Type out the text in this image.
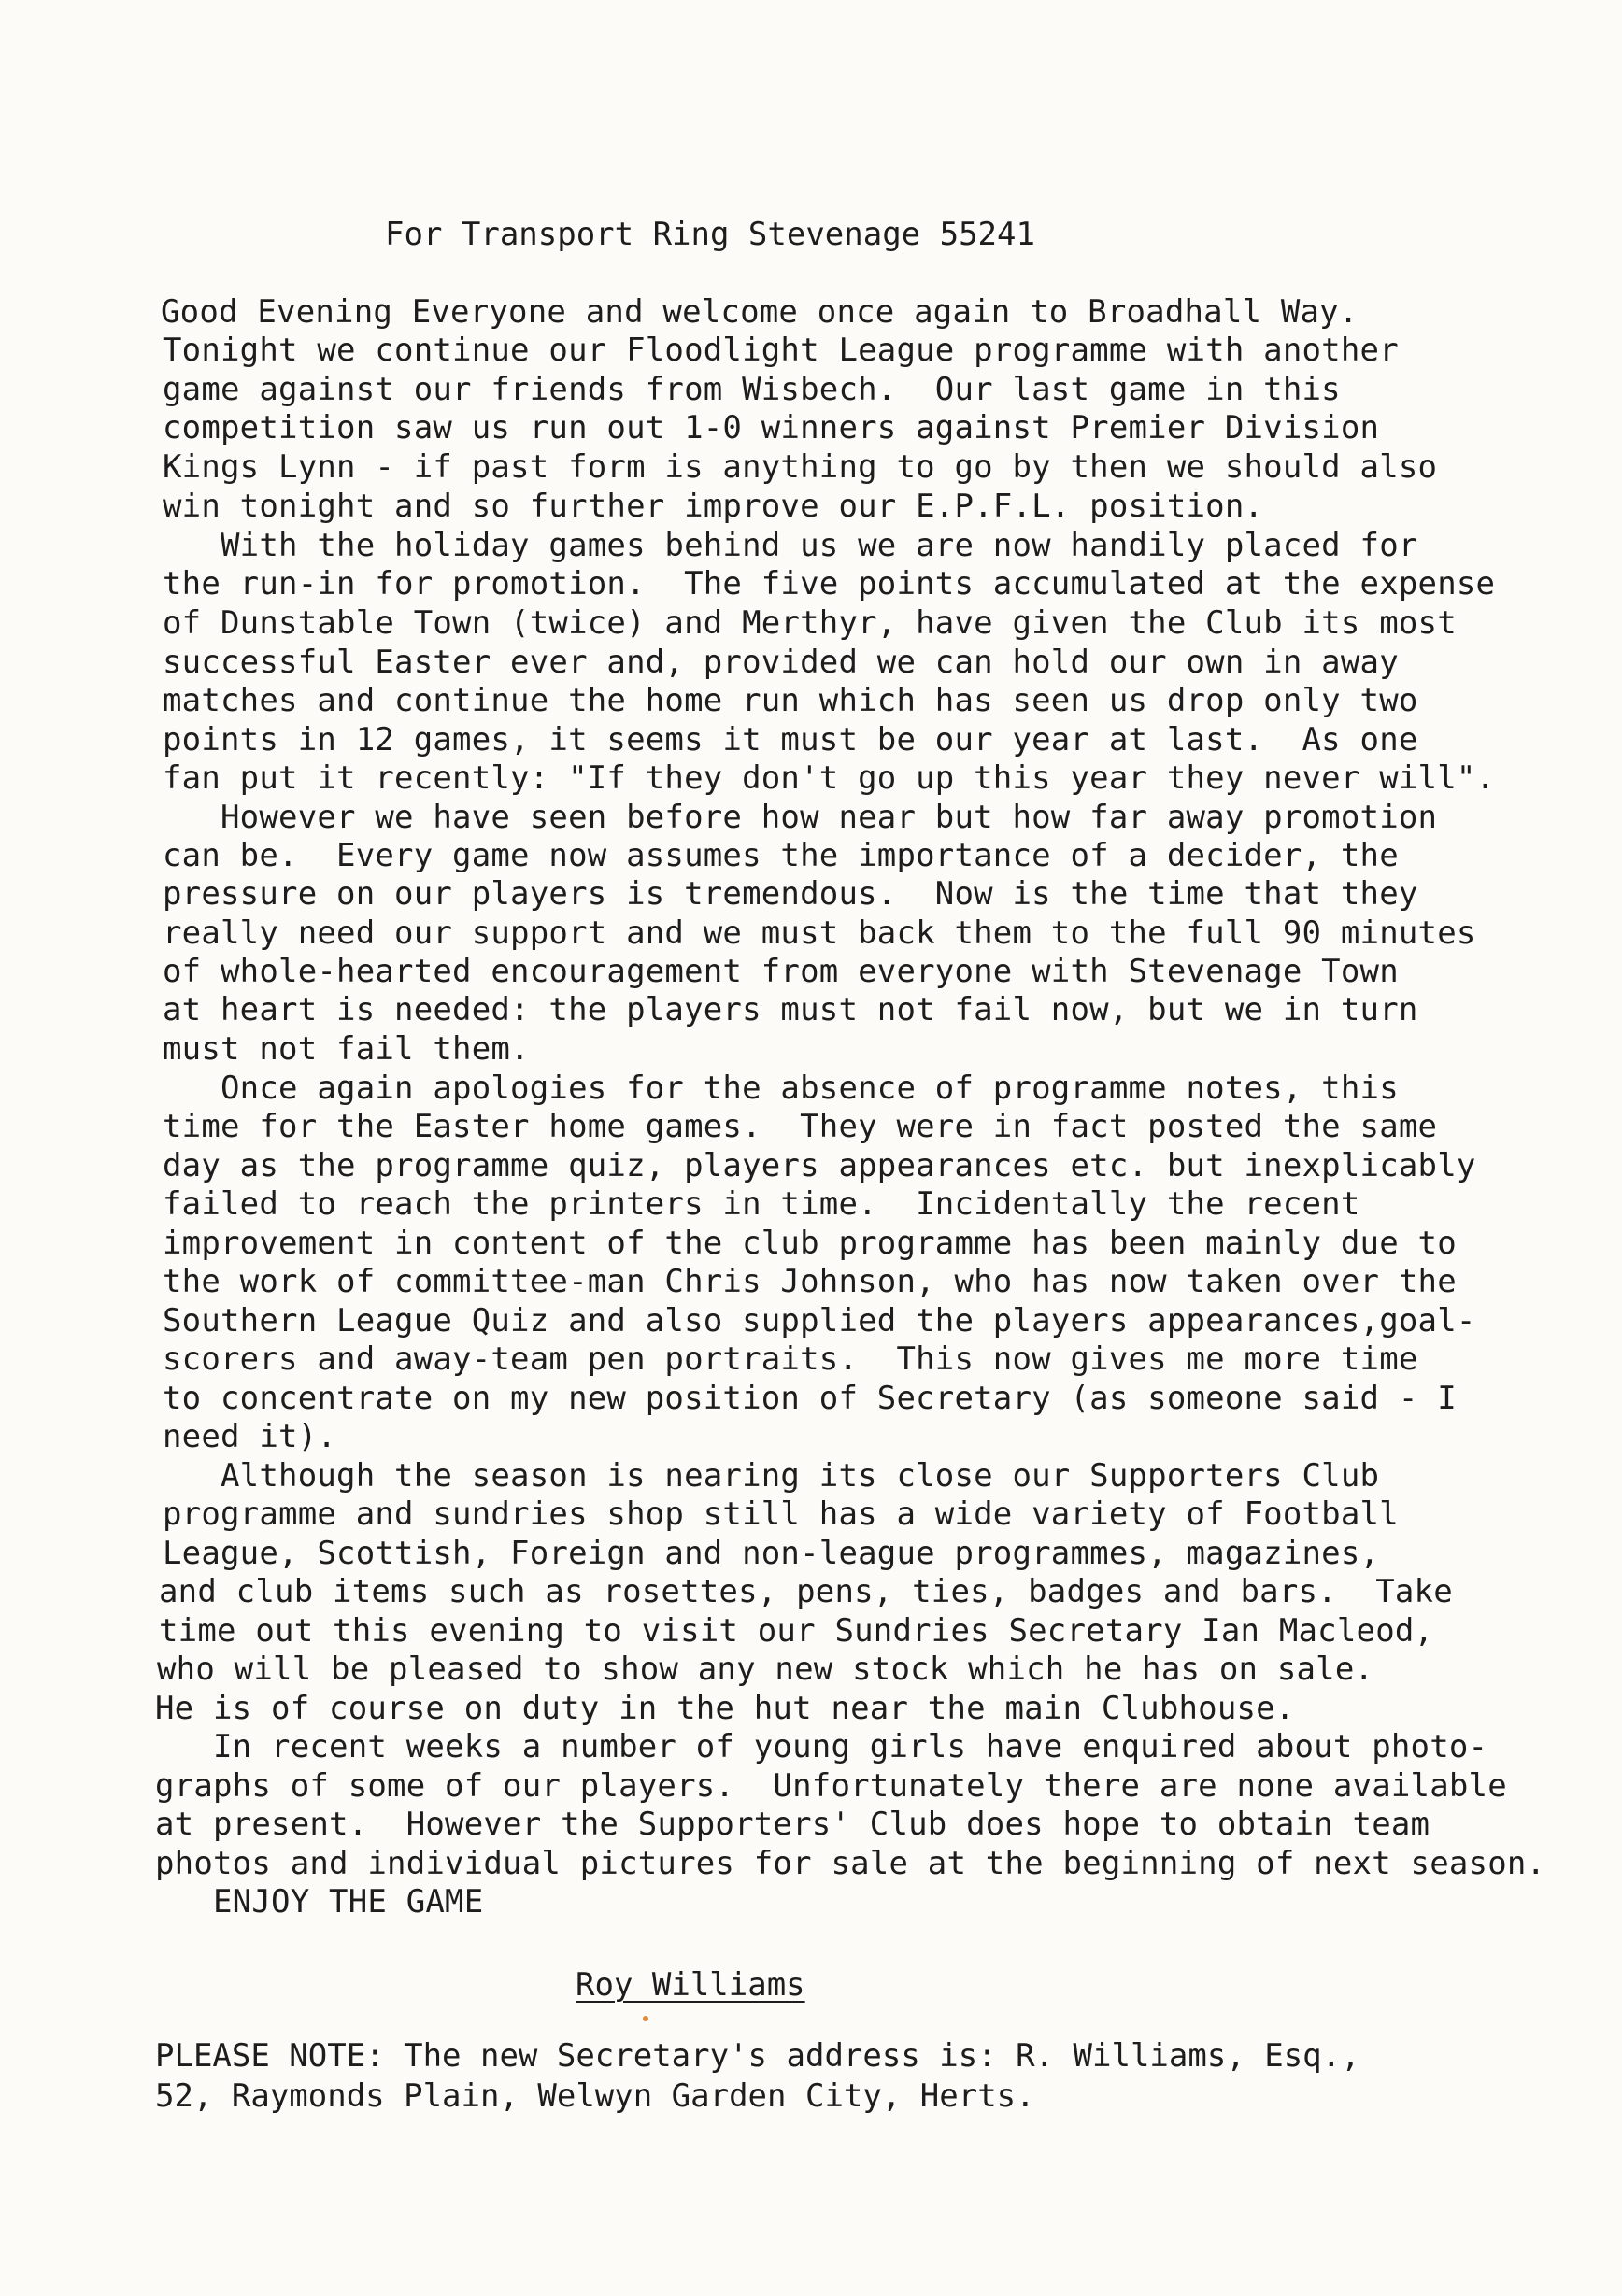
For Transport Ring Stevenage 55241
Good Evening Everyone and welcome once again to Broadhall Way.
Tonight we continue our Floodlight League programme with another
game against our friends from Wisbech.  Our last game in this
competition saw us run out 1-0 winners against Premier Division
Kings Lynn - if past form is anything to go by then we should also
win tonight and so further improve our E.P.F.L. position.
With the holiday games behind us we are now handily placed for
the run-in for promotion.  The five points accumulated at the expense
of Dunstable Town (twice) and Merthyr, have given the Club its most
successful Easter ever and, provided we can hold our own in away
matches and continue the home run which has seen us drop only two
points in 12 games, it seems it must be our year at last.  As one
fan put it recently: "If they don't go up this year they never will".
However we have seen before how near but how far away promotion
can be.  Every game now assumes the importance of a decider, the
pressure on our players is tremendous.  Now is the time that they
really need our support and we must back them to the full 90 minutes
of whole-hearted encouragement from everyone with Stevenage Town
at heart is needed: the players must not fail now, but we in turn
must not fail them.
Once again apologies for the absence of programme notes, this
time for the Easter home games.  They were in fact posted the same
day as the programme quiz, players appearances etc. but inexplicably
failed to reach the printers in time.  Incidentally the recent
improvement in content of the club programme has been mainly due to
the work of committee-man Chris Johnson, who has now taken over the
Southern League Quiz and also supplied the players appearances,goal-
scorers and away-team pen portraits.  This now gives me more time
to concentrate on my new position of Secretary (as someone said - I
need it).
Although the season is nearing its close our Supporters Club
programme and sundries shop still has a wide variety of Football
League, Scottish, Foreign and non-league programmes, magazines,
and club items such as rosettes, pens, ties, badges and bars.  Take
time out this evening to visit our Sundries Secretary Ian Macleod,
who will be pleased to show any new stock which he has on sale.
He is of course on duty in the hut near the main Clubhouse.
In recent weeks a number of young girls have enquired about photo-
graphs of some of our players.  Unfortunately there are none available
at present.  However the Supporters' Club does hope to obtain team
photos and individual pictures for sale at the beginning of next season.
ENJOY THE GAME
Roy Williams
PLEASE NOTE: The new Secretary's address is: R. Williams, Esq.,
52, Raymonds Plain, Welwyn Garden City, Herts.
